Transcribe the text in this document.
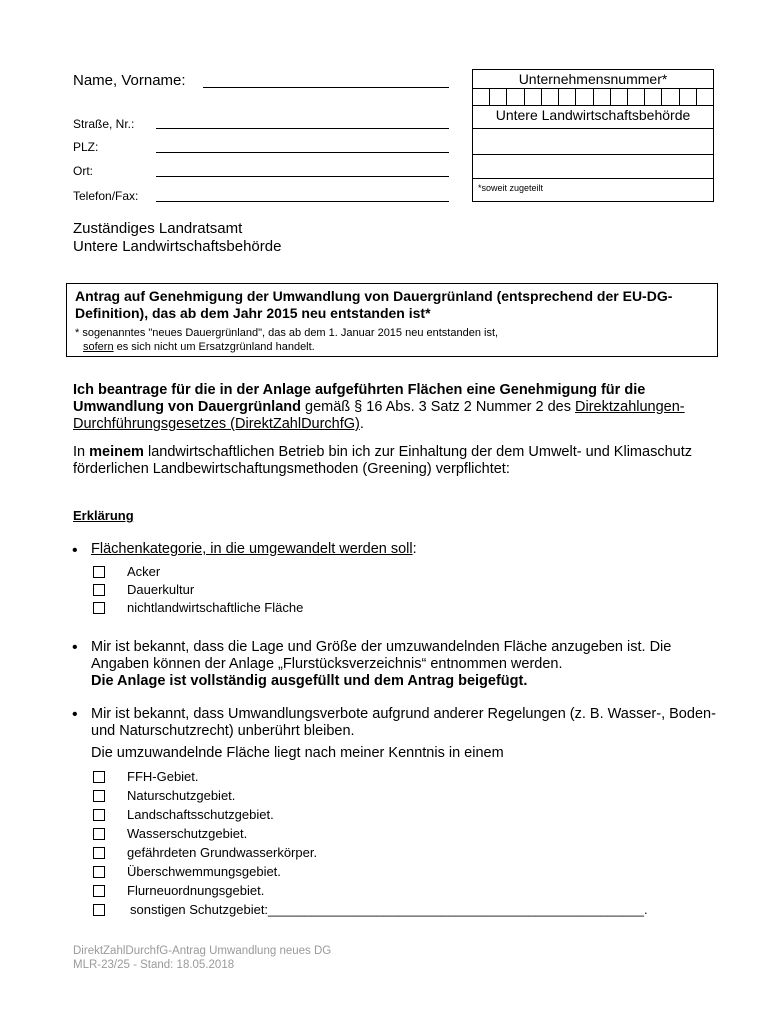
Name, Vorname:
Straße, Nr.:
PLZ:
Ort:
Telefon/Fax:
Unternehmensnummer*
Untere Landwirtschaftsbehörde
*soweit zugeteilt
Zuständiges Landratsamt
Untere Landwirtschaftsbehörde
Antrag auf Genehmigung der Umwandlung von Dauergrünland (entsprechend der EU-DG-Definition), das ab dem Jahr 2015 neu entstanden ist*
* sogenanntes "neues Dauergrünland", das ab dem 1. Januar 2015 neu entstanden ist,
sofern es sich nicht um Ersatzgrünland handelt.
Ich beantrage für die in der Anlage aufgeführten Flächen eine Genehmigung für die Umwandlung von Dauergrünland gemäß § 16 Abs. 3 Satz 2 Nummer 2 des Direktzahlungen-Durchführungsgesetzes (DirektZahlDurchfG).
In meinem landwirtschaftlichen Betrieb bin ich zur Einhaltung der dem Umwelt- und Klimaschutz förderlichen Landbewirtschaftungsmethoden (Greening) verpflichtet:
Erklärung
• Flächenkategorie, in die umgewandelt werden soll:
Acker
Dauerkultur
nichtlandwirtschaftliche Fläche
• Mir ist bekannt, dass die Lage und Größe der umzuwandelnden Fläche anzugeben ist. Die Angaben können der Anlage „Flurstücksverzeichnis“ entnommen werden.
Die Anlage ist vollständig ausgefüllt und dem Antrag beigefügt.
• Mir ist bekannt, dass Umwandlungsverbote aufgrund anderer Regelungen (z. B. Wasser-, Boden- und Naturschutzrecht) unberührt bleiben.
Die umzuwandelnde Fläche liegt nach meiner Kenntnis in einem
FFH-Gebiet.
Naturschutzgebiet.
Landschaftsschutzgebiet.
Wasserschutzgebiet.
gefährdeten Grundwasserkörper.
Überschwemmungsgebiet.
Flurneuordnungsgebiet.
sonstigen Schutzgebiet:____________________________________________________.
DirektZahlDurchfG-Antrag Umwandlung neues DG
MLR-23/25 - Stand: 18.05.2018
